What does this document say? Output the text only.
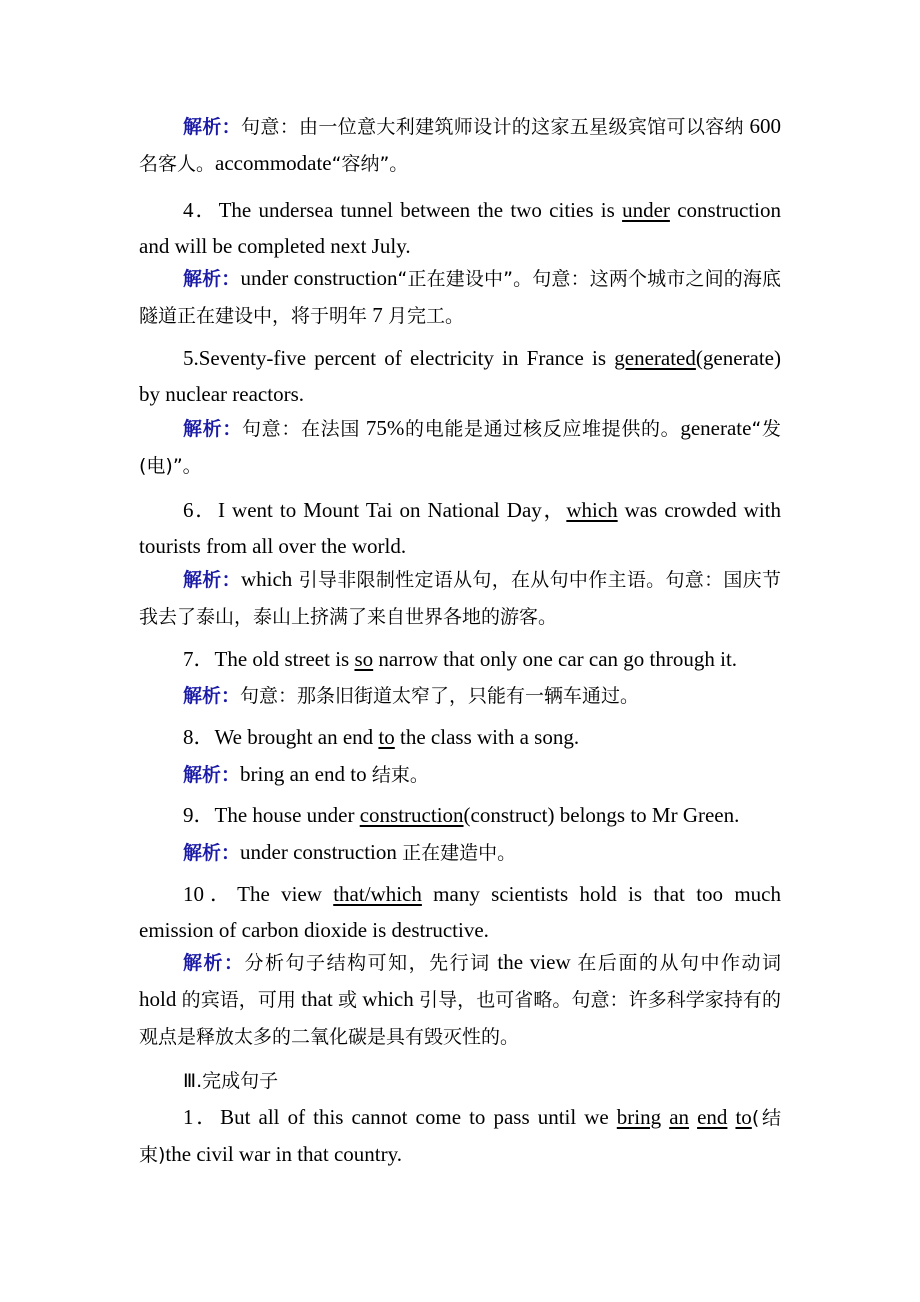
解析：句意：由一位意大利建筑师设计的这家五星级宾馆可以容纳 600 名客人。accommodate“容纳”。
4．The undersea tunnel between the two cities is under construction and will be completed next July.
解析：under construction“正在建设中”。句意：这两个城市之间的海底隧道正在建设中，将于明年 7 月完工。
5.Seventy-five percent of electricity in France is generated(generate) by nuclear reactors.
解析：句意：在法国 75%的电能是通过核反应堆提供的。generate“发(电)”。
6．I went to Mount Tai on National Day，which was crowded with tourists from all over the world.
解析：which 引导非限制性定语从句，在从句中作主语。句意：国庆节我去了泰山，泰山上挤满了来自世界各地的游客。
7．The old street is so narrow that only one car can go through it.
解析：句意：那条旧街道太窄了，只能有一辆车通过。
8．We brought an end to the class with a song.
解析：bring an end to 结束。
9．The house under construction(construct) belongs to Mr Green.
解析：under construction 正在建造中。
10．The view that/which many scientists hold is that too much emission of carbon dioxide is destructive.
解析：分析句子结构可知，先行词 the view 在后面的从句中作动词 hold 的宾语，可用 that 或 which 引导，也可省略。句意：许多科学家持有的观点是释放太多的二氧化碳是具有毁灭性的。
Ⅲ.完成句子
1．But all of this cannot come to pass until we bring an end to(结束)the civil war in that country.
